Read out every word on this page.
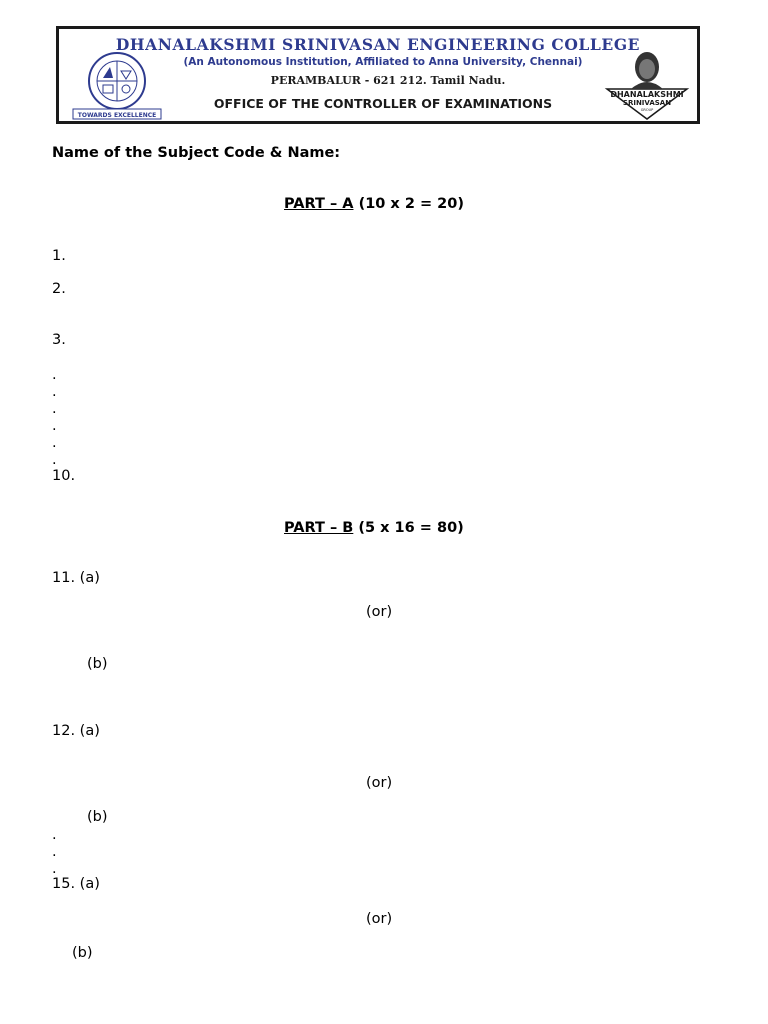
TOWARDS EXCELLENCE
DHANALAKSHMI SRINIVASAN ENGINEERING COLLEGE
(An Autonomous Institution, Affiliated to Anna University, Chennai)
PERAMBALUR - 621 212. Tamil Nadu.
OFFICE OF THE CONTROLLER OF EXAMINATIONS
DHANALAKSHMI
SRINIVASAN
GROUP
Name of the Subject Code & Name:
PART – A (10 x 2 = 20)
1.
2.
3.
.
.
.
.
.
.
10.
PART – B (5 x 16 = 80)
11. (a)
(or)
(b)
12. (a)
(or)
(b)
.
.
.
15. (a)
(or)
(b)
